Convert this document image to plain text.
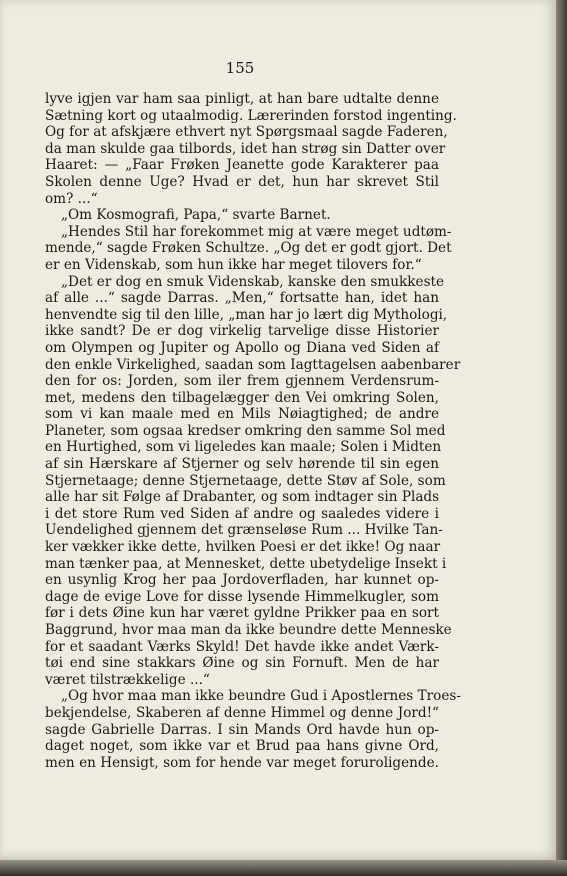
155
lyve igjen var ham saa pinligt, at han bare udtalte denne
Sætning kort og utaalmodig. Lærerinden forstod ingenting.
Og for at afskjære ethvert nyt Spørgsmaal sagde Faderen,
da man skulde gaa tilbords, idet han strøg sin Datter over
Haaret: — „Faar Frøken Jeanette gode Karakterer paa
Skolen denne Uge? Hvad er det, hun har skrevet Stil
om? ...“
„Om Kosmografi, Papa,“ svarte Barnet.
„Hendes Stil har forekommet mig at være meget udtøm-
mende,“ sagde Frøken Schultze. „Og det er godt gjort. Det
er en Videnskab, som hun ikke har meget tilovers for.“
„Det er dog en smuk Videnskab, kanske den smukkeste
af alle ...“ sagde Darras. „Men,“ fortsatte han, idet han
henvendte sig til den lille, „man har jo lært dig Mythologi,
ikke sandt? De er dog virkelig tarvelige disse Historier
om Olympen og Jupiter og Apollo og Diana ved Siden af
den enkle Virkelighed, saadan som Iagttagelsen aabenbarer
den for os: Jorden, som iler frem gjennem Verdensrum-
met, medens den tilbagelægger den Vei omkring Solen,
som vi kan maale med en Mils Nøiagtighed; de andre
Planeter, som ogsaa kredser omkring den samme Sol med
en Hurtighed, som vi ligeledes kan maale; Solen i Midten
af sin Hærskare af Stjerner og selv hørende til sin egen
Stjernetaage; denne Stjernetaage, dette Støv af Sole, som
alle har sit Følge af Drabanter, og som indtager sin Plads
i det store Rum ved Siden af andre og saaledes videre i
Uendelighed gjennem det grænseløse Rum ... Hvilke Tan-
ker vækker ikke dette, hvilken Poesi er det ikke! Og naar
man tænker paa, at Mennesket, dette ubetydelige Insekt i
en usynlig Krog her paa Jordoverfladen, har kunnet op-
dage de evige Love for disse lysende Himmelkugler, som
før i dets Øine kun har været gyldne Prikker paa en sort
Baggrund, hvor maa man da ikke beundre dette Menneske
for et saadant Værks Skyld! Det havde ikke andet Værk-
tøi end sine stakkars Øine og sin Fornuft. Men de har
været tilstrækkelige ...“
„Og hvor maa man ikke beundre Gud i Apostlernes Troes-
bekjendelse, Skaberen af denne Himmel og denne Jord!“
sagde Gabrielle Darras. I sin Mands Ord havde hun op-
daget noget, som ikke var et Brud paa hans givne Ord,
men en Hensigt, som for hende var meget foruroligende.
